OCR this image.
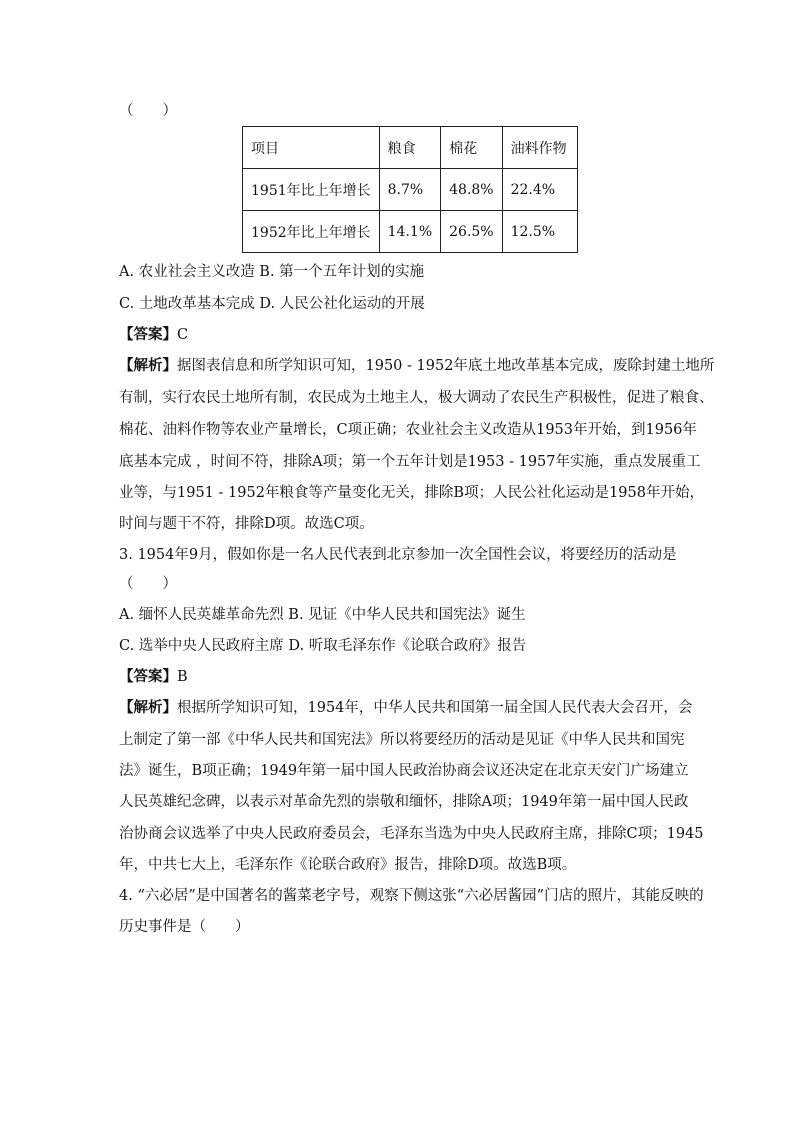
（　　）
项目	粮食	棉花	油料作物
1951年比上年增长	8.7%	48.8%	22.4%
1952年比上年增长	14.1%	26.5%	12.5%
A. 农业社会主义改造 B. 第一个五年计划的实施
C. 土地改革基本完成 D. 人民公社化运动的开展
【答案】C
【解析】据图表信息和所学知识可知，1950 - 1952年底土地改革基本完成，废除封建土地所
有制，实行农民土地所有制，农民成为土地主人，极大调动了农民生产积极性，促进了粮食、
棉花、油料作物等农业产量增长，C项正确；农业社会主义改造从1953年开始，到1956年
底基本完成 ，时间不符，排除A项；第一个五年计划是1953 - 1957年实施，重点发展重工
业等，与1951 - 1952年粮食等产量变化无关，排除B项；人民公社化运动是1958年开始，
时间与题干不符，排除D项。故选C项。
3. 1954年9月，假如你是一名人民代表到北京参加一次全国性会议，将要经历的活动是
（　　）
A. 缅怀人民英雄革命先烈 B. 见证《中华人民共和国宪法》诞生
C. 选举中央人民政府主席 D. 听取毛泽东作《论联合政府》报告
【答案】B
【解析】根据所学知识可知，1954年，中华人民共和国第一届全国人民代表大会召开，会
上制定了第一部《中华人民共和国宪法》所以将要经历的活动是见证《中华人民共和国宪
法》诞生，B项正确；1949年第一届中国人民政治协商会议还决定在北京天安门广场建立
人民英雄纪念碑，以表示对革命先烈的崇敬和缅怀，排除A项；1949年第一届中国人民政
治协商会议选举了中央人民政府委员会，毛泽东当选为中央人民政府主席，排除C项；1945
年，中共七大上，毛泽东作《论联合政府》报告，排除D项。故选B项。
4. “六必居”是中国著名的酱菜老字号，观察下侧这张“六必居酱园”门店的照片，其能反映的
历史事件是（　　）
